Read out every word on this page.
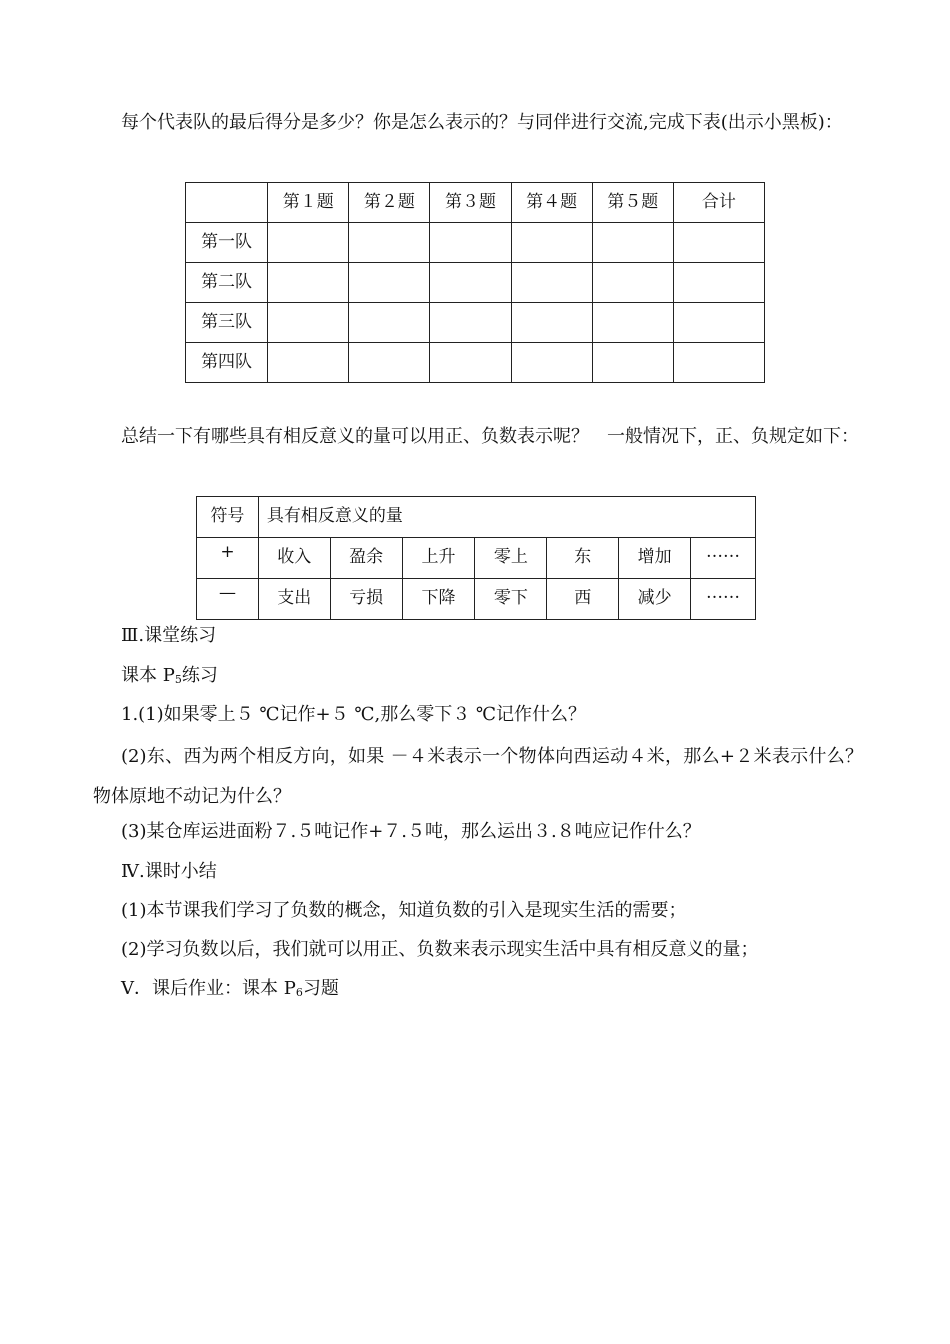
每个代表队的最后得分是多少？你是怎么表示的？与同伴进行交流,完成下表(出示小黑板)：
	第１题	第２题	第３题	第４题	第５题	合计
第一队						
第二队						
第三队						
第四队						
总结一下有哪些具有相反意义的量可以用正、负数表示呢？　一般情况下，正、负规定如下：
符号	具有相反意义的量						
+	收入	盈余	上升	零上	东	增加	……
—	支出	亏损	下降	零下	西	减少	……
Ⅲ.课堂练习
课本 $P_5$练习
1.(1)如果零上５ ℃记作+５ ℃,那么零下３ ℃记作什么？
(2)东、西为两个相反方向，如果 －４米表示一个物体向西运动４米，那么+２米表示什么？物体原地不动记为什么？
(3)某仓库运进面粉７.５吨记作+７.５吨，那么运出３.８吨应记作什么？
Ⅳ.课时小结
(1)本节课我们学习了负数的概念，知道负数的引入是现实生活的需要；
(2)学习负数以后，我们就可以用正、负数来表示现实生活中具有相反意义的量；
Ⅴ．课后作业：课本 $P_6$习题
